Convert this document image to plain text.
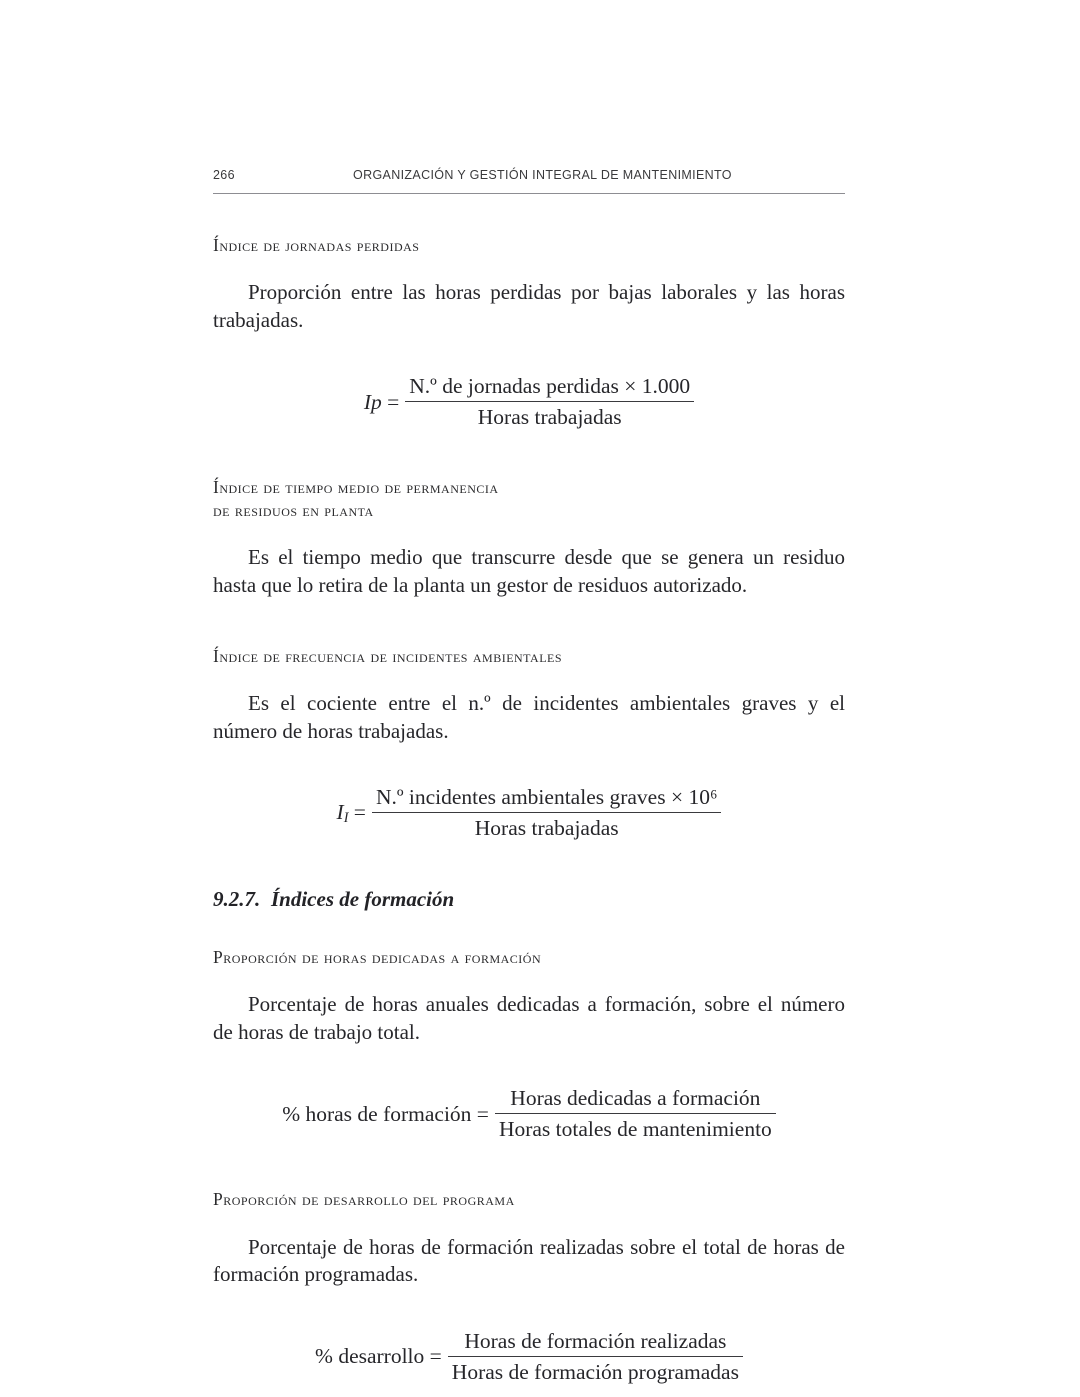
266	ORGANIZACIÓN Y GESTIÓN INTEGRAL DE MANTENIMIENTO
Índice de jornadas perdidas

Proporción entre las horas perdidas por bajas laborales y las horas trabajadas.

$Ip = \frac{\text{N.º de jornadas perdidas × 1.000}}{\text{Horas trabajadas}}$
Índice de tiempo medio de permanencia
de residuos en planta

Es el tiempo medio que transcurre desde que se genera un residuo hasta que lo retira de la planta un gestor de residuos autorizado.

Índice de frecuencia de incidentes ambientales

Es el cociente entre el n.º de incidentes ambientales graves y el número de horas trabajadas.

$I_I = \frac{\text{N.º incidentes ambientales graves × 10⁶}}{\text{Horas trabajadas}}$
9.2.7. Índices de formación
Proporción de horas dedicadas a formación

Porcentaje de horas anuales dedicadas a formación, sobre el número de horas de trabajo total.

% horas de formación = $\frac{\text{Horas dedicadas a formación}}{\text{Horas totales de mantenimiento}}$
Proporción de desarrollo del programa

Porcentaje de horas de formación realizadas sobre el total de horas de formación programadas.

% desarrollo = $\frac{\text{Horas de formación realizadas}}{\text{Horas de formación programadas}}$
